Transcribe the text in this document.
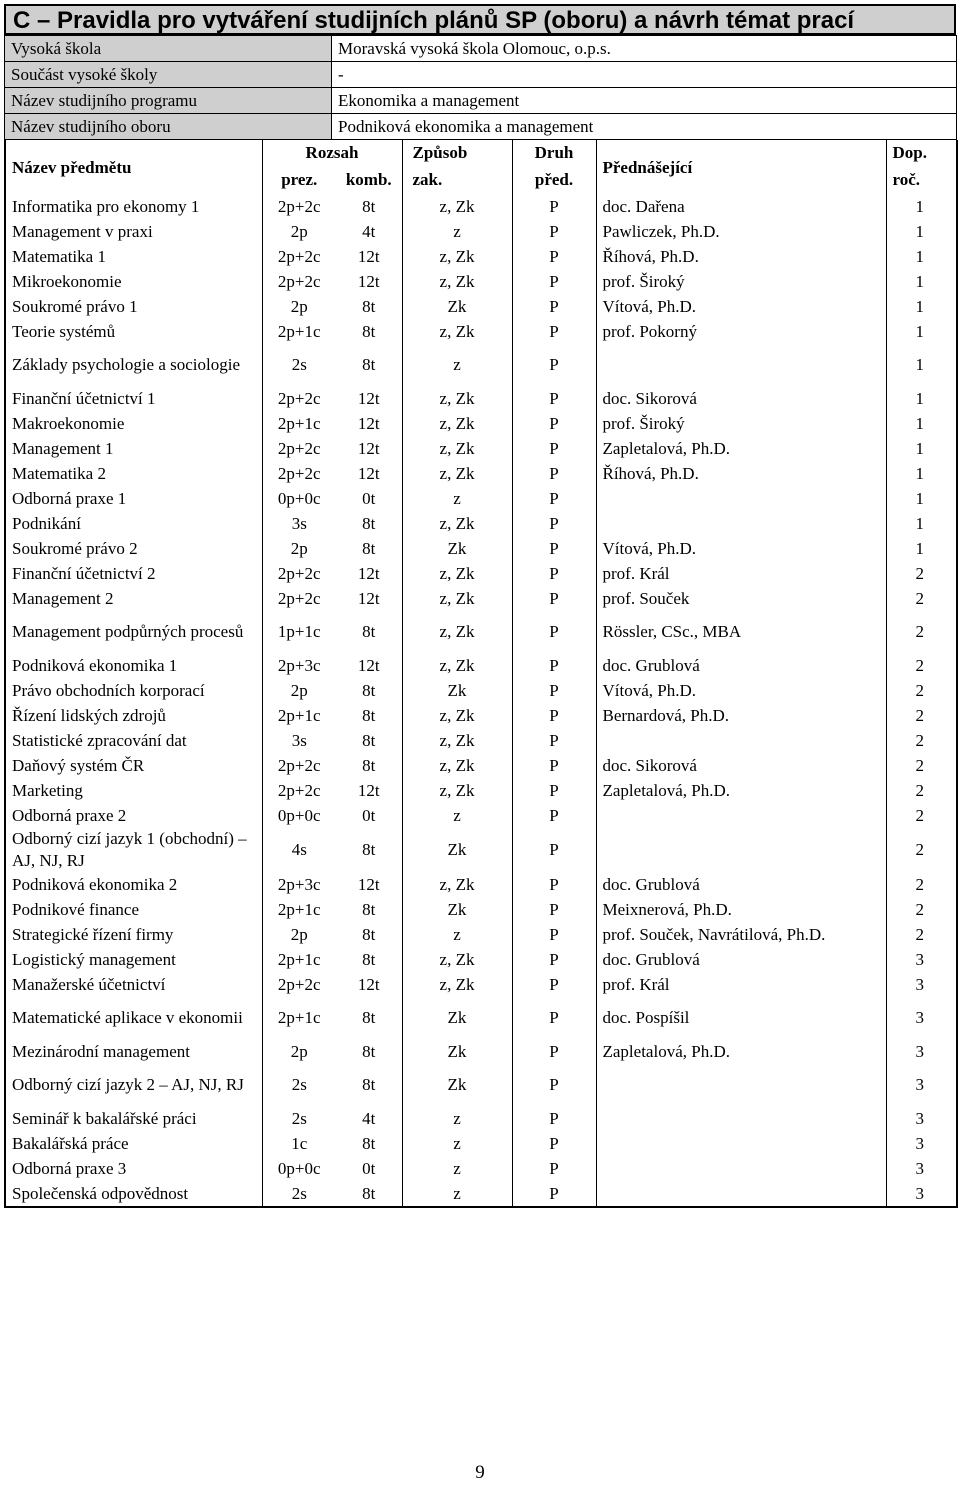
C – Pravidla pro vytváření studijních plánů SP (oboru) a návrh témat prací
Vysoká škola	Moravská vysoká škola Olomouc, o.p.s.
Součást vysoké školy	-
Název studijního programu	Ekonomika a management
Název studijního oboru	Podniková ekonomika a management
Název předmětu	Rozsah		Způsob	Druh	Přednášející	Dop.
	prez.	komb.	zak.	před.		roč.
Informatika pro ekonomy 1	2p+2c	8t	z, Zk	P	doc. Dařena	1
Management v praxi	2p	4t	z	P	Pawliczek, Ph.D.	1
Matematika 1	2p+2c	12t	z, Zk	P	Říhová, Ph.D.	1
Mikroekonomie	2p+2c	12t	z, Zk	P	prof. Široký	1
Soukromé právo 1	2p	8t	Zk	P	Vítová, Ph.D.	1
Teorie systémů	2p+1c	8t	z, Zk	P	prof. Pokorný	1
Základy psychologie a sociologie	2s	8t	z	P		1
Finanční účetnictví 1	2p+2c	12t	z, Zk	P	doc. Sikorová	1
Makroekonomie	2p+1c	12t	z, Zk	P	prof. Široký	1
Management 1	2p+2c	12t	z, Zk	P	Zapletalová, Ph.D.	1
Matematika 2	2p+2c	12t	z, Zk	P	Říhová, Ph.D.	1
Odborná praxe 1	0p+0c	0t	z	P		1
Podnikání	3s	8t	z, Zk	P		1
Soukromé právo 2	2p	8t	Zk	P	Vítová, Ph.D.	1
Finanční účetnictví 2	2p+2c	12t	z, Zk	P	prof. Král	2
Management 2	2p+2c	12t	z, Zk	P	prof. Souček	2
Management podpůrných procesů	1p+1c	8t	z, Zk	P	Rössler, CSc., MBA	2
Podniková ekonomika 1	2p+3c	12t	z, Zk	P	doc. Grublová	2
Právo obchodních korporací	2p	8t	Zk	P	Vítová, Ph.D.	2
Řízení lidských zdrojů	2p+1c	8t	z, Zk	P	Bernardová, Ph.D.	2
Statistické zpracování dat	3s	8t	z, Zk	P		2
Daňový systém ČR	2p+2c	8t	z, Zk	P	doc. Sikorová	2
Marketing	2p+2c	12t	z, Zk	P	Zapletalová, Ph.D.	2
Odborná praxe 2	0p+0c	0t	z	P		2
Odborný cizí jazyk 1 (obchodní) – AJ, NJ, RJ	4s	8t	Zk	P		2
Podniková ekonomika 2	2p+3c	12t	z, Zk	P	doc. Grublová	2
Podnikové finance	2p+1c	8t	Zk	P	Meixnerová, Ph.D.	2
Strategické řízení firmy	2p	8t	z	P	prof. Souček, Navrátilová, Ph.D.	2
Logistický management	2p+1c	8t	z, Zk	P	doc. Grublová	3
Manažerské účetnictví	2p+2c	12t	z, Zk	P	prof. Král	3
Matematické aplikace v ekonomii	2p+1c	8t	Zk	P	doc. Pospíšil	3
Mezinárodní management	2p	8t	Zk	P	Zapletalová, Ph.D.	3
Odborný cizí jazyk 2 – AJ, NJ, RJ	2s	8t	Zk	P		3
Seminář k bakalářské práci	2s	4t	z	P		3
Bakalářská práce	1c	8t	z	P		3
Odborná praxe 3	0p+0c	0t	z	P		3
Společenská odpovědnost	2s	8t	z	P		3
9
